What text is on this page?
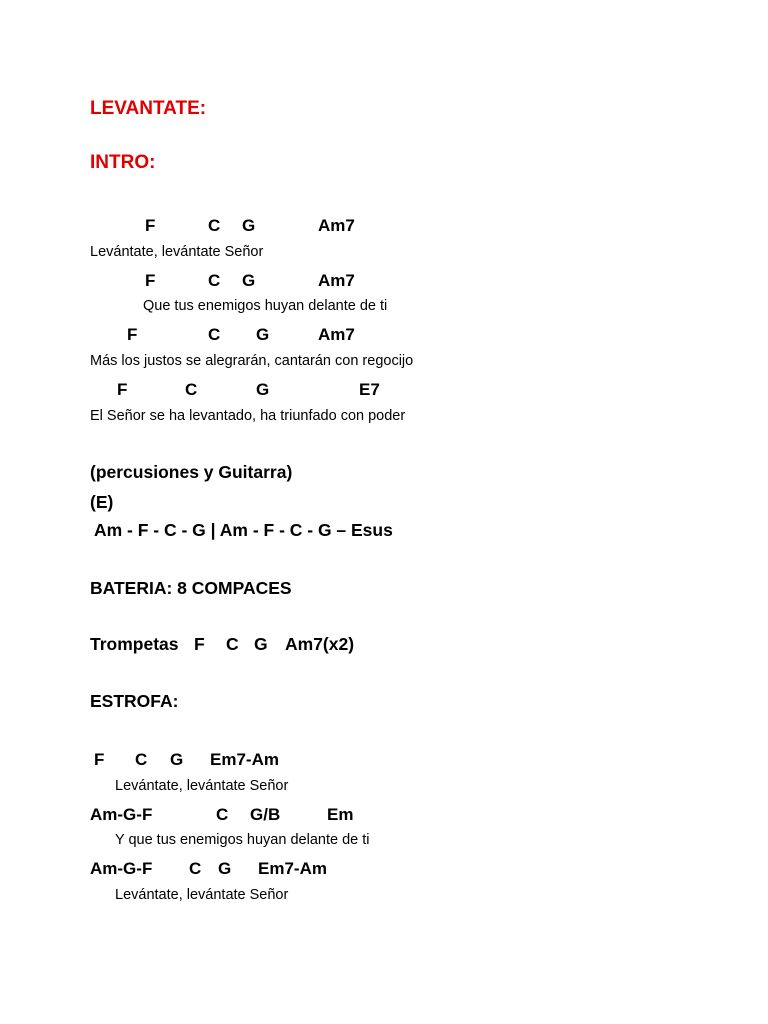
LEVANTATE:
INTRO:
F	C G	Am7
Levántate, levántate Señor
F	C G	Am7
Que tus enemigos huyan delante de ti
F	C G	Am7
Más los justos se alegrarán, cantarán con regocijo
F	C	G	E7
El Señor se ha levantado, ha triunfado con poder
(percusiones y Guitarra)
(E)
Am - F - C - G | Am - F - C - G – Esus
BATERIA: 8 COMPACES
Trompetas F C G Am7(x2)
ESTROFA:
F C G Em7-Am
Levántate, levántate Señor
Am-G-F	C G/B	Em
Y que tus enemigos huyan delante de ti
Am-G-F C G Em7-Am
Levántate, levántate Señor
